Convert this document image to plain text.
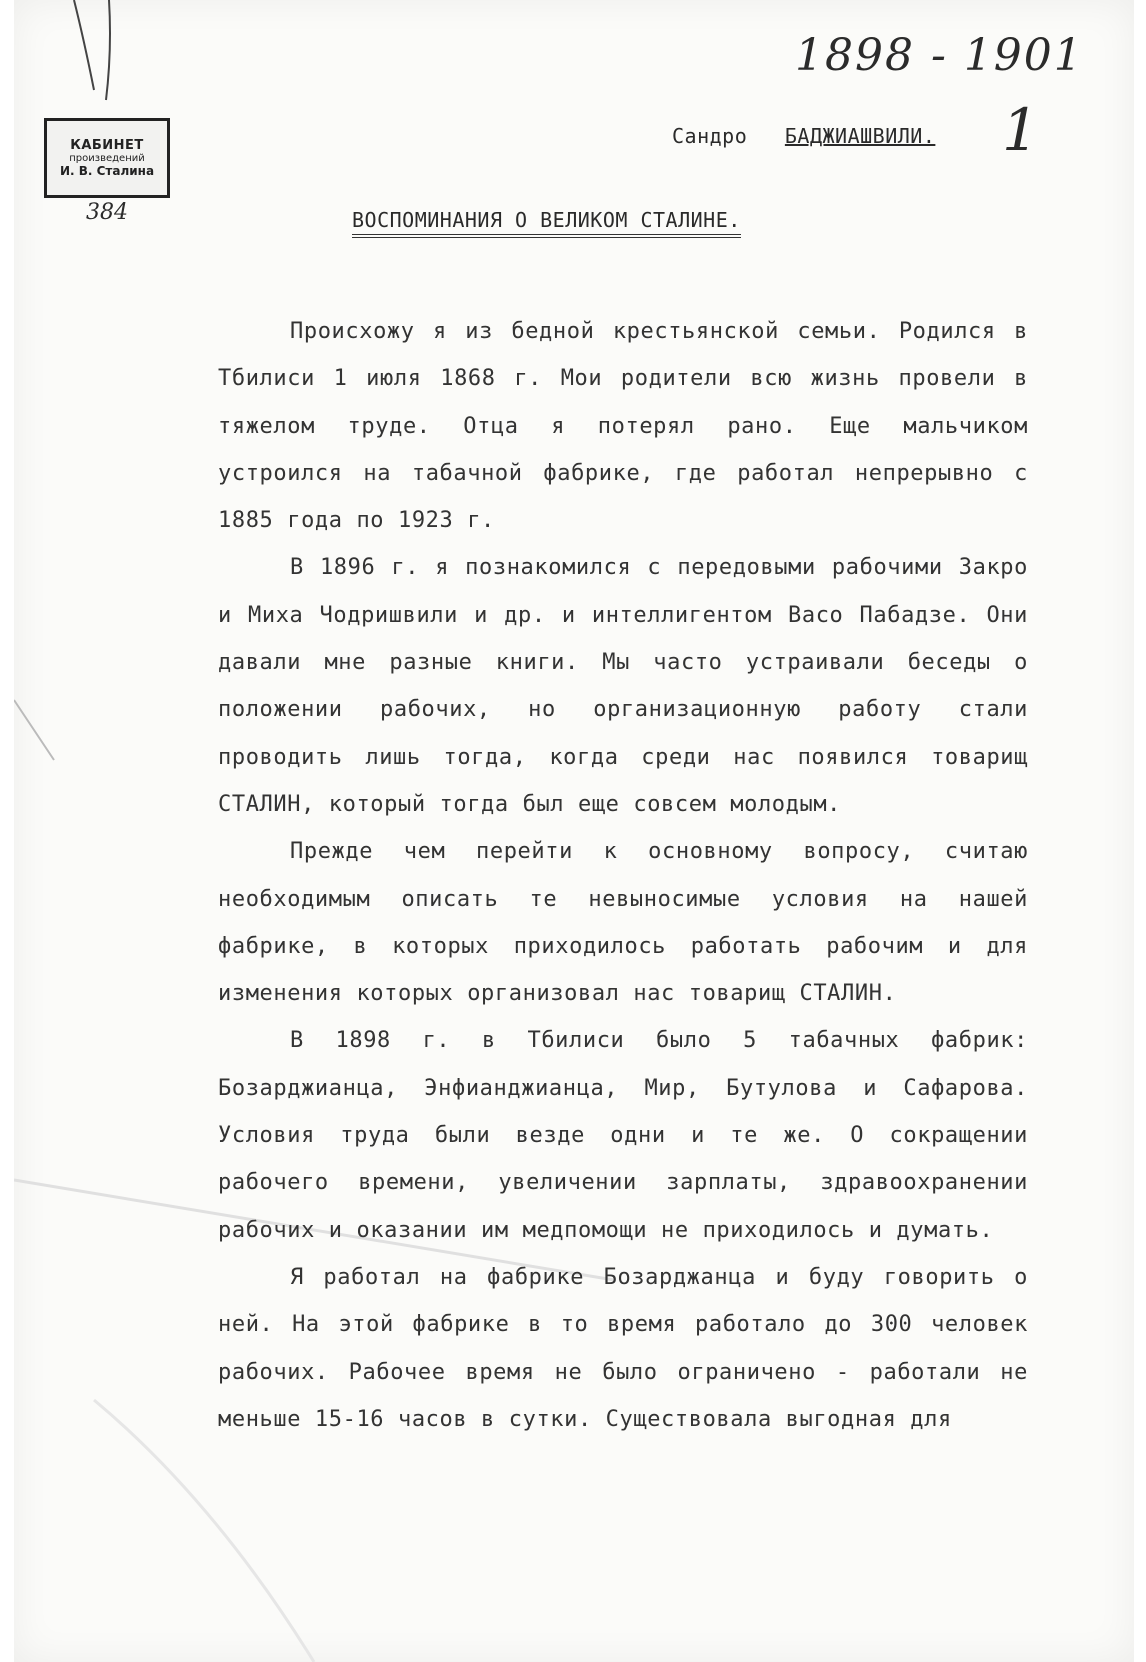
КАБИНЕТ
произведений
И. В. Сталина
384
1898 - 1901
1
Сандро БАДЖИАШВИЛИ.
ВОСПОМИНАНИЯ О ВЕЛИКОМ СТАЛИНЕ.

Происхожу я из бедной крестьянской семьи. Родился в Тбилиси 1 июля 1868 г. Мои родители всю жизнь провели в тяжелом труде. Отца я потерял рано. Еще мальчиком устроился на табачной фабрике, где работал непрерывно с 1885 года по 1923 г.

В 1896 г. я познакомился с передовыми рабочими Закро и Миха Чодришвили и др. и интеллигентом Васо Пабадзе. Они давали мне разные книги. Мы часто устраивали беседы о положении рабочих, но организационную работу стали проводить лишь тогда, когда среди нас появился товарищ СТАЛИН, который тогда был еще совсем молодым.

Прежде чем перейти к основному вопросу, считаю необходимым описать те невыносимые условия на нашей фабрике, в которых приходилось работать рабочим и для изменения которых организовал нас товарищ СТАЛИН.

В 1898 г. в Тбилиси было 5 табачных фабрик: Бозарджианца, Энфианджианца, Мир, Бутулова и Сафарова. Условия труда были везде одни и те же. О сокращении рабочего времени, увеличении зарплаты, здравоохранении рабочих и оказании им медпомощи не приходилось и думать.

Я работал на фабрике Бозарджанца и буду говорить о ней. На этой фабрике в то время работало до 300 человек рабочих. Рабочее время не было ограничено - работали не меньше 15-16 часов в сутки. Существовала выгодная для
